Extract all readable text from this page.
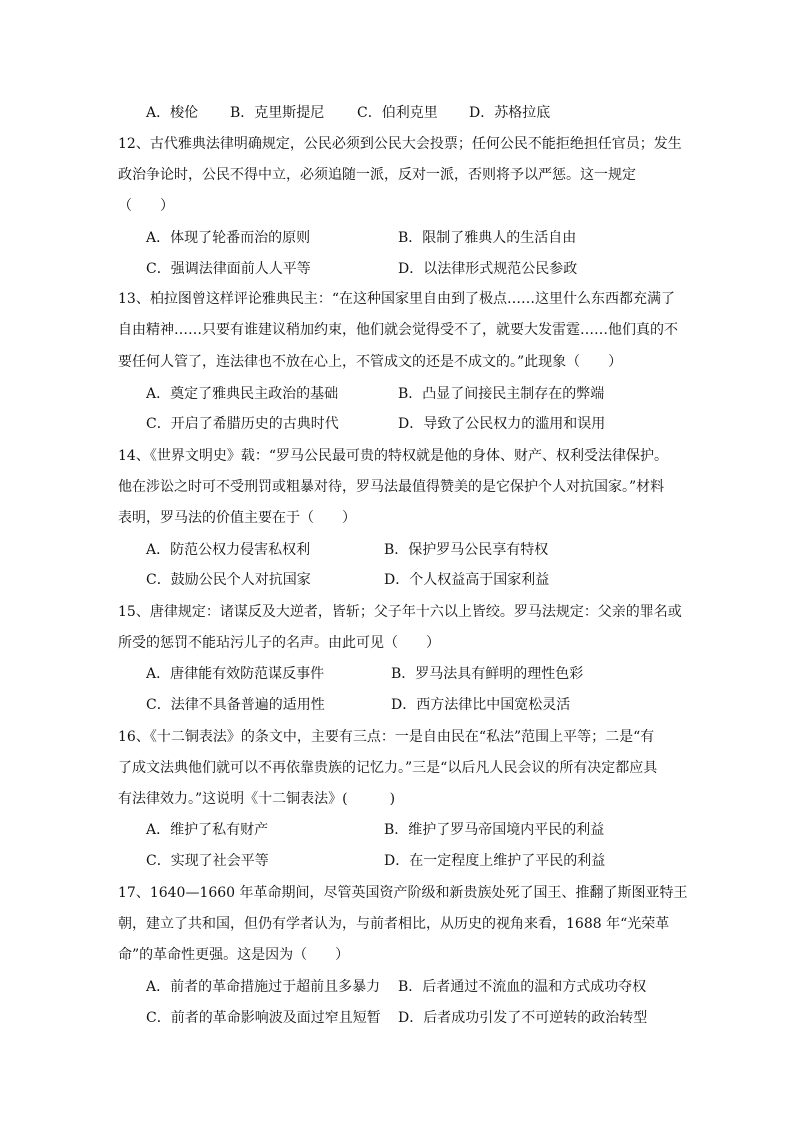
A．梭伦 B．克里斯提尼 C．伯利克里 D．苏格拉底
12、古代雅典法律明确规定，公民必须到公民大会投票；任何公民不能拒绝担任官员；发生
政治争论时，公民不得中立，必须追随一派，反对一派，否则将予以严惩。这一规定
（　　）
A．体现了轮番而治的原则	B．限制了雅典人的生活自由
C．强调法律面前人人平等	D．以法律形式规范公民参政
13、柏拉图曾这样评论雅典民主：“在这种国家里自由到了极点……这里什么东西都充满了
自由精神……只要有谁建议稍加约束，他们就会觉得受不了，就要大发雷霆……他们真的不
要任何人管了，连法律也不放在心上，不管成文的还是不成文的。”此现象（　　）
A．奠定了雅典民主政治的基础	B．凸显了间接民主制存在的弊端
C．开启了希腊历史的古典时代	D．导致了公民权力的滥用和误用
14、《世界文明史》载：“罗马公民最可贵的特权就是他的身体、财产、权利受法律保护。
他在涉讼之时可不受刑罚或粗暴对待，罗马法最值得赞美的是它保护个人对抗国家。”材料
表明，罗马法的价值主要在于（　　）
A．防范公权力侵害私权利	B．保护罗马公民享有特权
C．鼓励公民个人对抗国家	D．个人权益高于国家利益
15、唐律规定：诸谋反及大逆者，皆斩；父子年十六以上皆绞。罗马法规定：父亲的罪名或
所受的惩罚不能玷污儿子的名声。由此可见（　　）
A．唐律能有效防范谋反事件	B．罗马法具有鲜明的理性色彩
C．法律不具备普遍的适用性	D．西方法律比中国宽松灵活
16、《十二铜表法》的条文中，主要有三点：一是自由民在“私法”范围上平等；二是“有
了成文法典他们就可以不再依靠贵族的记忆力。”三是“以后凡人民会议的所有决定都应具
有法律效力。”这说明《十二铜表法》(　　　)
A．维护了私有财产	B．维护了罗马帝国境内平民的利益
C．实现了社会平等	D．在一定程度上维护了平民的利益
17、1640—1660 年革命期间，尽管英国资产阶级和新贵族处死了国王、推翻了斯图亚特王
朝，建立了共和国，但仍有学者认为，与前者相比，从历史的视角来看，1688 年“光荣革
命”的革命性更强。这是因为（　　）
A．前者的革命措施过于超前且多暴力 B．后者通过不流血的温和方式成功夺权
C．前者的革命影响波及面过窄且短暂 D．后者成功引发了不可逆转的政治转型
